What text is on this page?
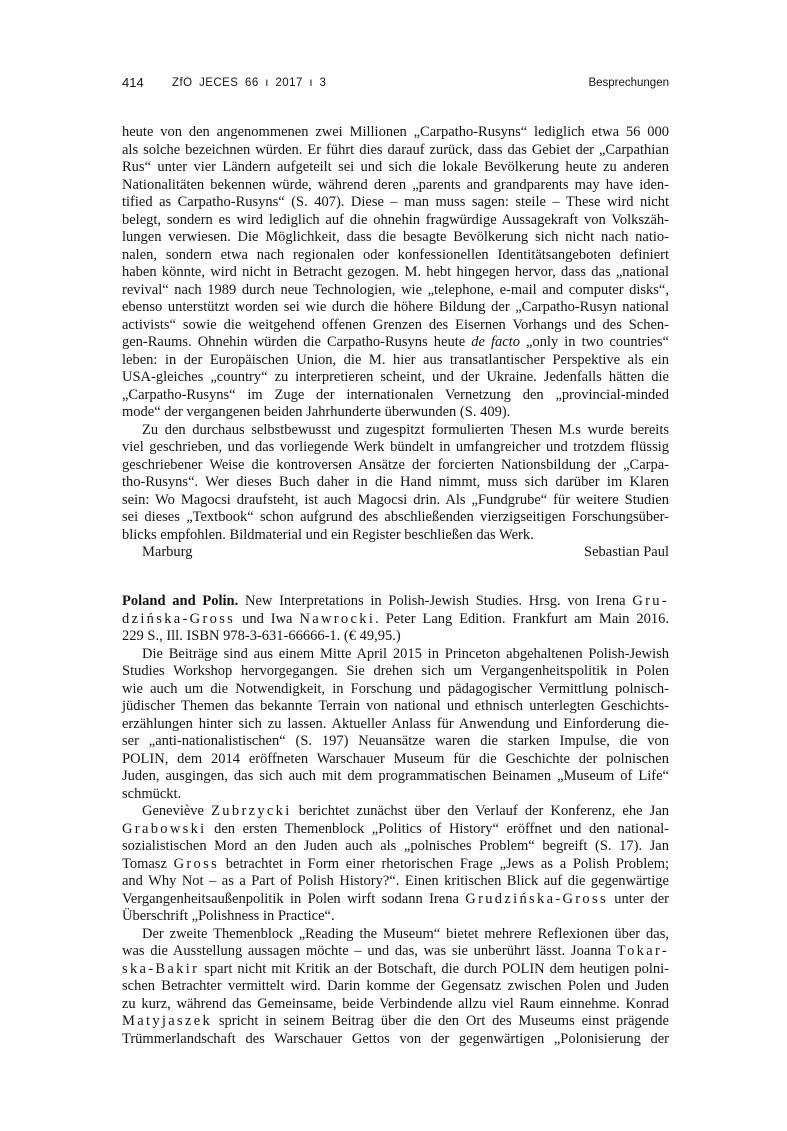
414 ZfO JECES 66 ı 2017 ı 3	Besprechungen
heute von den angenommenen zwei Millionen „Carpatho-Rusyns“ lediglich etwa 56 000
als solche bezeichnen würden. Er führt dies darauf zurück, dass das Gebiet der „Carpathian
Rus“ unter vier Ländern aufgeteilt sei und sich die lokale Bevölkerung heute zu anderen
Nationalitäten bekennen würde, während deren „parents and grandparents may have iden-
tified as Carpatho-Rusyns“ (S. 407). Diese – man muss sagen: steile – These wird nicht
belegt, sondern es wird lediglich auf die ohnehin fragwürdige Aussagekraft von Volkszäh-
lungen verwiesen. Die Möglichkeit, dass die besagte Bevölkerung sich nicht nach natio-
nalen, sondern etwa nach regionalen oder konfessionellen Identitätsangeboten definiert
haben könnte, wird nicht in Betracht gezogen. M. hebt hingegen hervor, dass das „national
revival“ nach 1989 durch neue Technologien, wie „telephone, e-mail and computer disks“,
ebenso unterstützt worden sei wie durch die höhere Bildung der „Carpatho-Rusyn national
activists“ sowie die weitgehend offenen Grenzen des Eisernen Vorhangs und des Schen-
gen-Raums. Ohnehin würden die Carpatho-Rusyns heute de facto „only in two countries“
leben: in der Europäischen Union, die M. hier aus transatlantischer Perspektive als ein
USA-gleiches „country“ zu interpretieren scheint, und der Ukraine. Jedenfalls hätten die
„Carpatho-Rusyns“ im Zuge der internationalen Vernetzung den „provincial-minded
mode“ der vergangenen beiden Jahrhunderte überwunden (S. 409).
Zu den durchaus selbstbewusst und zugespitzt formulierten Thesen M.s wurde bereits
viel geschrieben, und das vorliegende Werk bündelt in umfangreicher und trotzdem flüssig
geschriebener Weise die kontroversen Ansätze der forcierten Nationsbildung der „Carpa-
tho-Rusyns“. Wer dieses Buch daher in die Hand nimmt, muss sich darüber im Klaren
sein: Wo Magocsi draufsteht, ist auch Magocsi drin. Als „Fundgrube“ für weitere Studien
sei dieses „Textbook“ schon aufgrund des abschließenden vierzigseitigen Forschungsüber-
blicks empfohlen. Bildmaterial und ein Register beschließen das Werk.
Marburg	Sebastian Paul
Poland and Polin. New Interpretations in Polish-Jewish Studies. Hrsg. von Irena Gru-
dzińska-Gross und Iwa Nawrocki. Peter Lang Edition. Frankfurt am Main 2016.
229 S., Ill. ISBN 978-3-631-66666-1. (€ 49,95.)
Die Beiträge sind aus einem Mitte April 2015 in Princeton abgehaltenen Polish-Jewish
Studies Workshop hervorgegangen. Sie drehen sich um Vergangenheitspolitik in Polen
wie auch um die Notwendigkeit, in Forschung und pädagogischer Vermittlung polnisch-
jüdischer Themen das bekannte Terrain von national und ethnisch unterlegten Geschichts-
erzählungen hinter sich zu lassen. Aktueller Anlass für Anwendung und Einforderung die-
ser „anti-nationalistischen“ (S. 197) Neuansätze waren die starken Impulse, die von
POLIN, dem 2014 eröffneten Warschauer Museum für die Geschichte der polnischen
Juden, ausgingen, das sich auch mit dem programmatischen Beinamen „Museum of Life“
schmückt.
Geneviève Zubrzycki berichtet zunächst über den Verlauf der Konferenz, ehe Jan
Grabowski den ersten Themenblock „Politics of History“ eröffnet und den national-
sozialistischen Mord an den Juden auch als „polnisches Problem“ begreift (S. 17). Jan
Tomasz Gross betrachtet in Form einer rhetorischen Frage „Jews as a Polish Problem;
and Why Not – as a Part of Polish History?“. Einen kritischen Blick auf die gegenwärtige
Vergangenheitsaußenpolitik in Polen wirft sodann Irena Grudzińska-Gross unter der
Überschrift „Polishness in Practice“.
Der zweite Themenblock „Reading the Museum“ bietet mehrere Reflexionen über das,
was die Ausstellung aussagen möchte – und das, was sie unberührt lässt. Joanna Tokar-
ska-Bakir spart nicht mit Kritik an der Botschaft, die durch POLIN dem heutigen polni-
schen Betrachter vermittelt wird. Darin komme der Gegensatz zwischen Polen und Juden
zu kurz, während das Gemeinsame, beide Verbindende allzu viel Raum einnehme. Konrad
Matyjaszek spricht in seinem Beitrag über die den Ort des Museums einst prägende
Trümmerlandschaft des Warschauer Gettos von der gegenwärtigen „Polonisierung der
